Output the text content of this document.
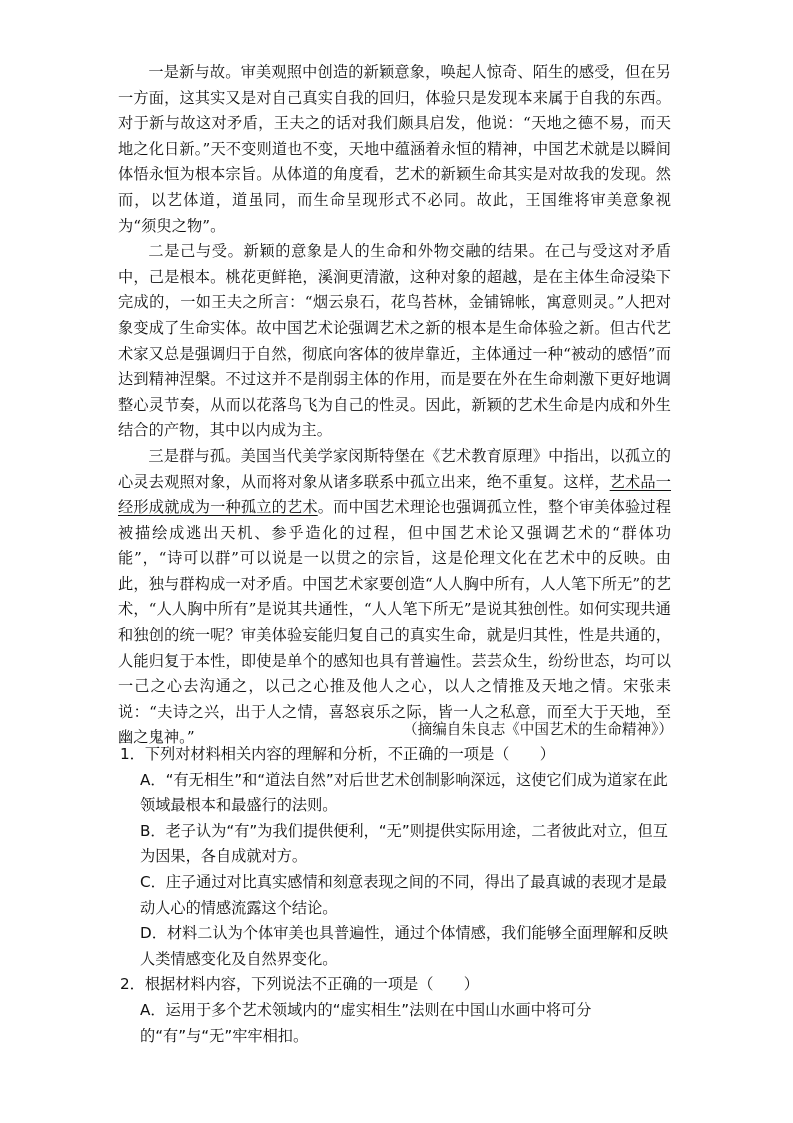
一是新与故。审美观照中创造的新颖意象，唤起人惊奇、陌生的感受，但在另一方面，这其实又是对自己真实自我的回归，体验只是发现本来属于自我的东西。对于新与故这对矛盾，王夫之的话对我们颇具启发，他说：“天地之德不易，而天地之化日新。”天不变则道也不变，天地中蕴涵着永恒的精神，中国艺术就是以瞬间体悟永恒为根本宗旨。从体道的角度看，艺术的新颖生命其实是对故我的发现。然而，以艺体道，道虽同，而生命呈现形式不必同。故此，王国维将审美意象视为“须臾之物”。

二是己与受。新颖的意象是人的生命和外物交融的结果。在己与受这对矛盾中，己是根本。桃花更鲜艳，溪涧更清澈，这种对象的超越，是在主体生命浸染下完成的，一如王夫之所言：“烟云泉石，花鸟苔林，金铺锦帐，寓意则灵。”人把对象变成了生命实体。故中国艺术论强调艺术之新的根本是生命体验之新。但古代艺术家又总是强调归于自然，彻底向客体的彼岸靠近，主体通过一种“被动的感悟”而达到精神涅槃。不过这并不是削弱主体的作用，而是要在外在生命刺激下更好地调整心灵节奏，从而以花落鸟飞为自己的性灵。因此，新颖的艺术生命是内成和外生结合的产物，其中以内成为主。

三是群与孤。美国当代美学家闵斯特堡在《艺术教育原理》中指出，以孤立的心灵去观照对象，从而将对象从诸多联系中孤立出来，绝不重复。这样，艺术品一经形成就成为一种孤立的艺术。而中国艺术理论也强调孤立性，整个审美体验过程被描绘成逃出天机、参乎造化的过程，但中国艺术论又强调艺术的“群体功能”，“诗可以群”可以说是一以贯之的宗旨，这是伦理文化在艺术中的反映。由此，独与群构成一对矛盾。中国艺术家要创造“人人胸中所有，人人笔下所无”的艺术，“人人胸中所有”是说其共通性，“人人笔下所无”是说其独创性。如何实现共通和独创的统一呢？审美体验妄能归复自己的真实生命，就是归其性，性是共通的，人能归复于本性，即使是单个的感知也具有普遍性。芸芸众生，纷纷世态，均可以一己之心去沟通之，以己之心推及他人之心，以人之情推及天地之情。宋张耒说：“夫诗之兴，出于人之情，喜怒哀乐之际，皆一人之私意，而至大于天地，至幽之鬼神。”	（摘编自朱良志《中国艺术的生命精神》）

1．下列对材料相关内容的理解和分析，不正确的一项是（　　）

A．“有无相生”和“道法自然”对后世艺术创制影响深远，这使它们成为道家在此领域最根本和最盛行的法则。

B．老子认为“有”为我们提供便利，“无”则提供实际用途，二者彼此对立，但互为因果，各自成就对方。

C．庄子通过对比真实感情和刻意表现之间的不同，得出了最真诚的表现才是最动人心的情感流露这个结论。

D．材料二认为个体审美也具普遍性，通过个体情感，我们能够全面理解和反映人类情感变化及自然界变化。

2．根据材料内容，下列说法不正确的一项是（　　）

A．运用于多个艺术领域内的“虚实相生”法则在中国山水画中将可分的“有”与“无”牢牢相扣。
